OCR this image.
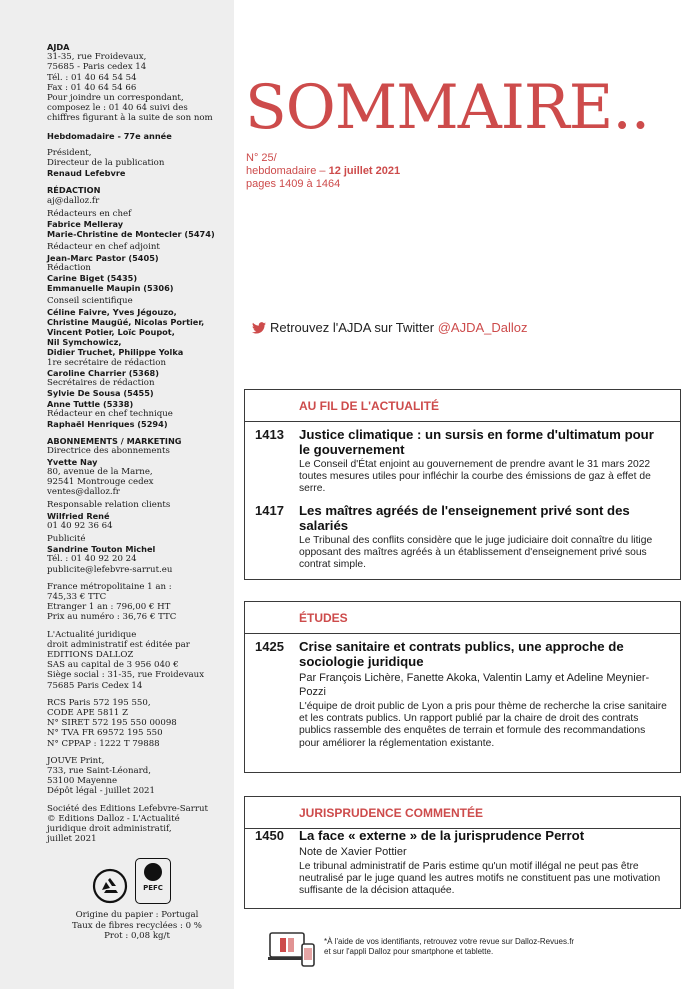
AJDA
31-35, rue Froidevaux,
75685 - Paris cedex 14
Tél. : 01 40 64 54 54
Fax : 01 40 64 54 66
Pour joindre un correspondant,
composez le : 01 40 64 suivi des
chiffres figurant à la suite de son nom
Hebdomadaire - 77e année
Président,
Directeur de la publication
Renaud Lefebvre
RÉDACTION
aj@dalloz.fr
Rédacteurs en chef
Fabrice Melleray
Marie-Christine de Montecler (5474)
Rédacteur en chef adjoint
Jean-Marc Pastor (5405)
Rédaction
Carine Biget (5435)
Emmanuelle Maupin (5306)
Conseil scientifique
Céline Faivre, Yves Jégouzo,
Christine Maugüé, Nicolas Portier,
Vincent Potier, Loïc Poupot,
Nil Symchowicz,
Didier Truchet, Philippe Yolka
1re secrétaire de rédaction
Caroline Charrier (5368)
Secrétaires de rédaction
Sylvie De Sousa (5455)
Anne Tuttle (5338)
Rédacteur en chef technique
Raphaël Henriques (5294)
ABONNEMENTS / MARKETING
Directrice des abonnements
Yvette Nay
80, avenue de la Marne,
92541 Montrouge cedex
ventes@dalloz.fr
Responsable relation clients
Wilfried René
01 40 92 36 64
Publicité
Sandrine Touton Michel
Tél. : 01 40 92 20 24
publicite@lefebvre-sarrut.eu
France métropolitaine 1 an :
745,33 € TTC
Etranger 1 an : 796,00 € HT
Prix au numéro : 36,76 € TTC
L'Actualité juridique
droit administratif est éditée par
EDITIONS DALLOZ
SAS au capital de 3 956 040 €
Siège social : 31-35, rue Froidevaux
75685 Paris Cedex 14
RCS Paris 572 195 550,
CODE APE 5811 Z
N° SIRET 572 195 550 00098
N° TVA FR 69572 195 550
N° CPPAP : 1222 T 79888
JOUVE Print,
733, rue Saint-Léonard,
53100 Mayenne
Dépôt légal - juillet 2021
Société des Editions Lefebvre-Sarrut
© Editions Dalloz - L'Actualité
juridique droit administratif,
juillet 2021
PEFC
Origine du papier : Portugal
Taux de fibres recyclées : 0 %
Prot : 0,08 kg/t
SOMMAIRE..
N° 25/
hebdomadaire – 12 juillet 2021
pages 1409 à 1464
Retrouvez l'AJDA sur Twitter @AJDA_Dalloz
AU FIL DE L'ACTUALITÉ
1413 Justice climatique : un sursis en forme d'ultimatum pour le gouvernement
Le Conseil d'État enjoint au gouvernement de prendre avant le 31 mars 2022 toutes mesures utiles pour infléchir la courbe des émissions de gaz à effet de serre.
1417 Les maîtres agréés de l'enseignement privé sont des salariés
Le Tribunal des conflits considère que le juge judiciaire doit connaître du litige opposant des maîtres agréés à un établissement d'enseignement privé sous contrat simple.
ÉTUDES
1425 Crise sanitaire et contrats publics, une approche de sociologie juridique
Par François Lichère, Fanette Akoka, Valentin Lamy et Adeline Meynier-Pozzi
L'équipe de droit public de Lyon a pris pour thème de recherche la crise sanitaire et les contrats publics. Un rapport publié par la chaire de droit des contrats publics rassemble des enquêtes de terrain et formule des recommandations pour améliorer la réglementation existante.
JURISPRUDENCE COMMENTÉE
1450 La face « externe » de la jurisprudence Perrot
Note de Xavier Pottier
Le tribunal administratif de Paris estime qu'un motif illégal ne peut pas être neutralisé par le juge quand les autres motifs ne constituent pas une motivation suffisante de la décision attaquée.
*À l'aide de vos identifiants, retrouvez votre revue sur Dalloz-Revues.fr
et sur l'appli Dalloz pour smartphone et tablette.
